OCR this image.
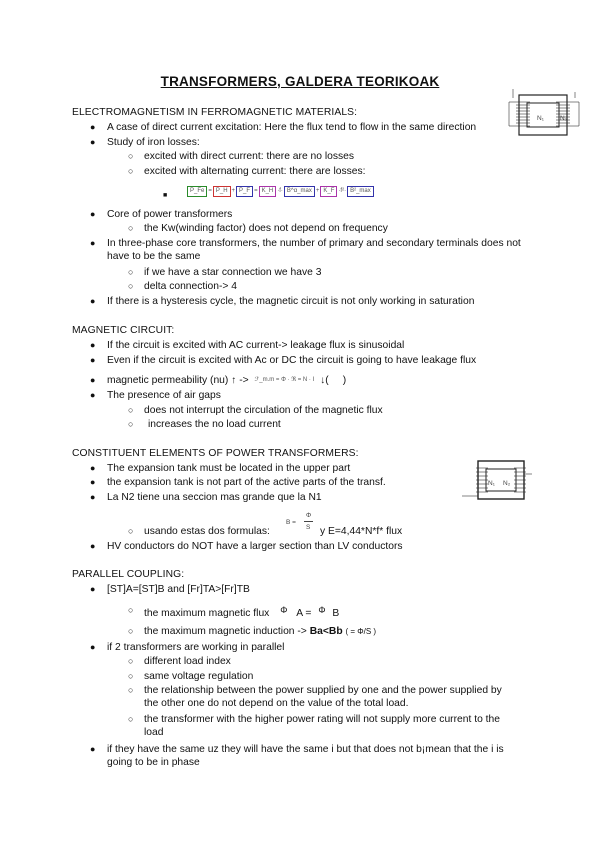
TRANSFORMERS, GALDERA TEORIKOAK
N₁ N₂
ELECTROMAGNETISM IN FERROMAGNETIC MATERIALS:
● A case of direct current excitation: Here the flux tend to flow in the same direction
● Study of iron losses:
○ excited with direct current: there are no losses
○ excited with alternating current: there are losses:
■
P_Fe = P_H + P_F = K_H ·f· B^α_max + K_F ·f²· B²_max
● Core of power transformers
○ the Kw(winding factor) does not depend on frequency
● In three-phase core transformers, the number of primary and secondary terminals does not have to be the same
○ if we have a star connection we have 3
○ delta connection-> 4
● If there is a hysteresis cycle, the magnetic circuit is not only working in saturation
MAGNETIC CIRCUIT:
● If the circuit is excited with AC current-> leakage flux is sinusoidal
● Even if the circuit is excited with Ac or DC the circuit is going to have leakage flux
● magnetic permeability (nu) ↑ -> ℱ_m.m = Φ · ℜ = N · I ↓( )
● The presence of air gaps
○ does not interrupt the circulation of the magnetic flux
○ increases the no load current
CONSTITUENT ELEMENTS OF POWER TRANSFORMERS:
N₁ N₂
● The expansion tank must be located in the upper part
● the expansion tank is not part of the active parts of the transf.
● La N2 tiene una seccion mas grande que la N1
○ usando estas dos formulas:
B =
Φ
S y E=4,44*N*f* flux
● HV conductors do NOT have a larger section than LV conductors
PARALLEL COUPLING:
● [ST]A=[ST]B and [Fr]TA>[Fr]TB
○ the maximum magnetic flux Φ A = Φ B
○ the maximum magnetic induction -> Ba<Bb ( = Φ/S )
● if 2 transformers are working in parallel
○ different load index
○ same voltage regulation
○ the relationship between the power supplied by one and the power supplied by the other one do not depend on the value of the total load.
○ the transformer with the higher power rating will not supply more current to the load
● if they have the same uz they will have the same i but that does not b¡mean that the i is going to be in phase
